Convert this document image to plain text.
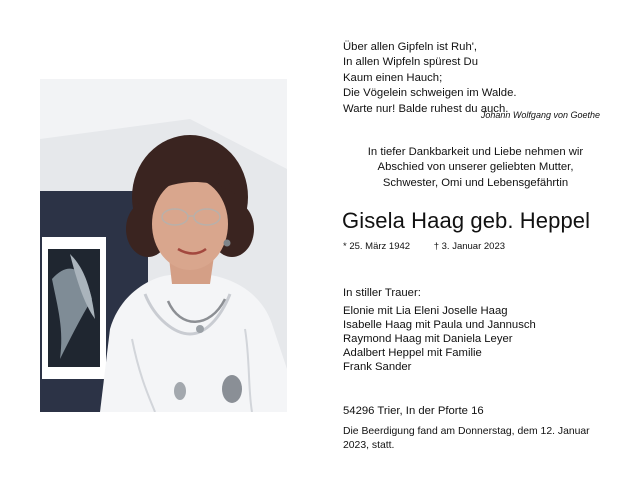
Über allen Gipfeln ist Ruh',
In allen Wipfeln spürest Du
Kaum einen Hauch;
Die Vögelein schweigen im Walde.
Warte nur! Balde ruhest du auch.
Johann Wolfgang von Goethe
In tiefer Dankbarkeit und Liebe nehmen wir
Abschied von unserer geliebten Mutter,
Schwester, Omi und Lebensgefährtin
Gisela Haag geb. Heppel
* 25. März 1942 † 3. Januar 2023
In stiller Trauer:
Elonie mit Lia Eleni Joselle Haag
Isabelle Haag mit Paula und Jannusch
Raymond Haag mit Daniela Leyer
Adalbert Heppel mit Familie
Frank Sander
54296 Trier, In der Pforte 16
Die Beerdigung fand am Donnerstag, dem 12. Januar 2023, statt.
